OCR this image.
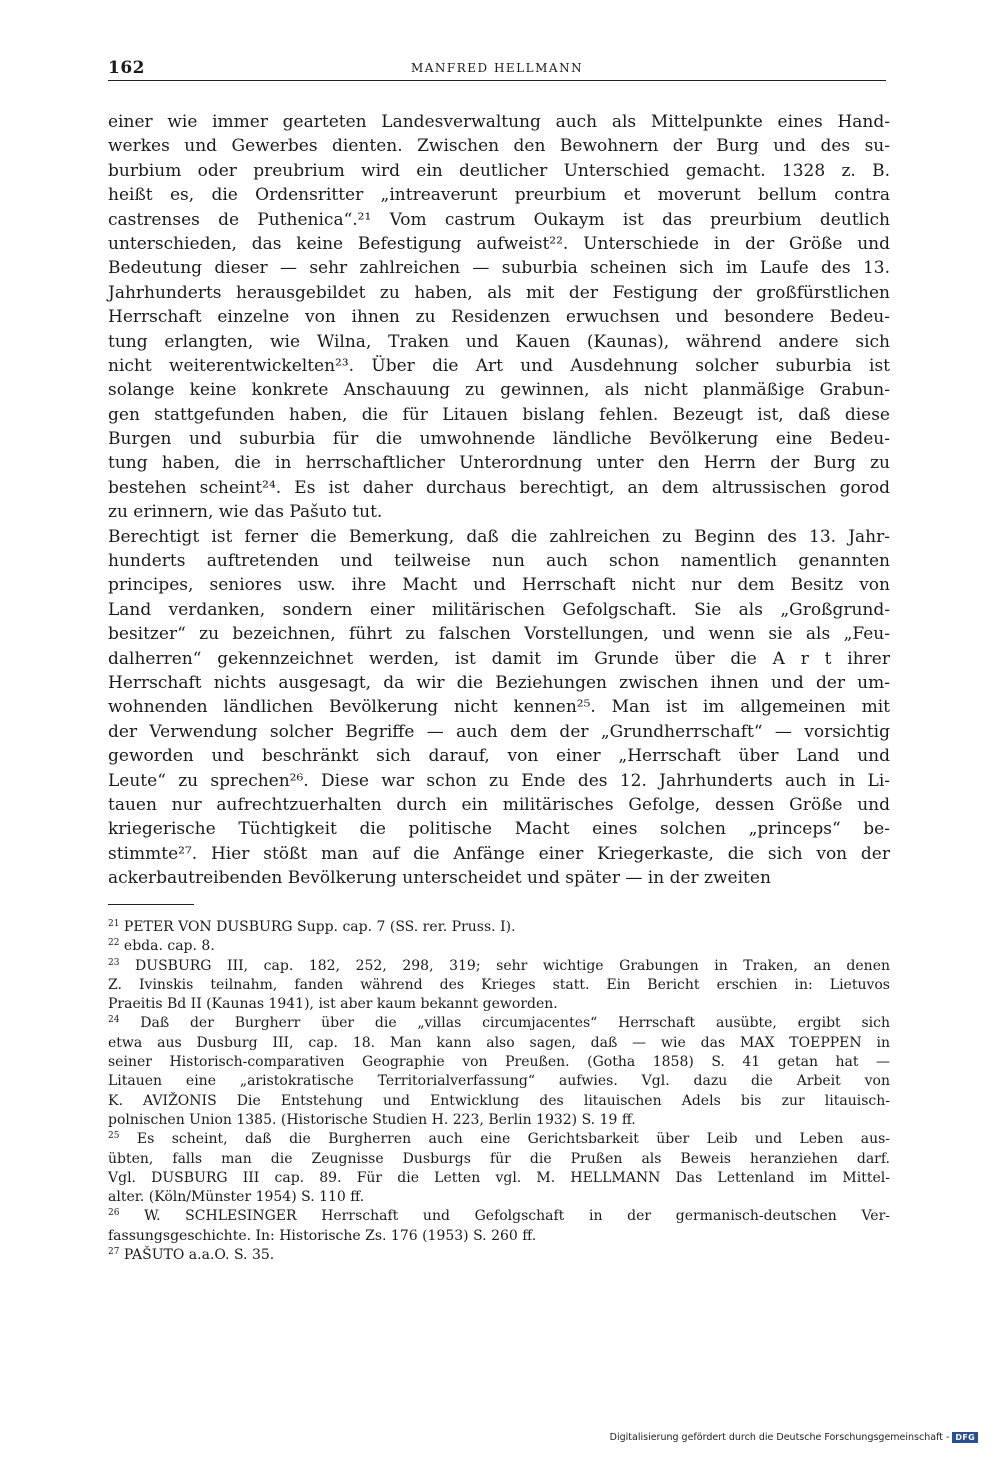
162	MANFRED HELLMANN
einer wie immer gearteten Landesverwaltung auch als Mittelpunkte eines Hand-
werkes und Gewerbes dienten. Zwischen den Bewohnern der Burg und des su-
burbium oder preubrium wird ein deutlicher Unterschied gemacht. 1328 z. B.
heißt es, die Ordensritter „intreaverunt preurbium et moverunt bellum contra
castrenses de Puthenica“.²¹ Vom castrum Oukaym ist das preurbium deutlich
unterschieden, das keine Befestigung aufweist²². Unterschiede in der Größe und
Bedeutung dieser — sehr zahlreichen — suburbia scheinen sich im Laufe des 13.
Jahrhunderts herausgebildet zu haben, als mit der Festigung der großfürstlichen
Herrschaft einzelne von ihnen zu Residenzen erwuchsen und besondere Bedeu-
tung erlangten, wie Wilna, Traken und Kauen (Kaunas), während andere sich
nicht weiterentwickelten²³. Über die Art und Ausdehnung solcher suburbia ist
solange keine konkrete Anschauung zu gewinnen, als nicht planmäßige Grabun-
gen stattgefunden haben, die für Litauen bislang fehlen. Bezeugt ist, daß diese
Burgen und suburbia für die umwohnende ländliche Bevölkerung eine Bedeu-
tung haben, die in herrschaftlicher Unterordnung unter den Herrn der Burg zu
bestehen scheint²⁴. Es ist daher durchaus berechtigt, an dem altrussischen gorod
zu erinnern, wie das Pašuto tut.
Berechtigt ist ferner die Bemerkung, daß die zahlreichen zu Beginn des 13. Jahr-
hunderts auftretenden und teilweise nun auch schon namentlich genannten
principes, seniores usw. ihre Macht und Herrschaft nicht nur dem Besitz von
Land verdanken, sondern einer militärischen Gefolgschaft. Sie als „Großgrund-
besitzer“ zu bezeichnen, führt zu falschen Vorstellungen, und wenn sie als „Feu-
dalherren“ gekennzeichnet werden, ist damit im Grunde über die A r t ihrer
Herrschaft nichts ausgesagt, da wir die Beziehungen zwischen ihnen und der um-
wohnenden ländlichen Bevölkerung nicht kennen²⁵. Man ist im allgemeinen mit
der Verwendung solcher Begriffe — auch dem der „Grundherrschaft“ — vorsichtig
geworden und beschränkt sich darauf, von einer „Herrschaft über Land und
Leute“ zu sprechen²⁶. Diese war schon zu Ende des 12. Jahrhunderts auch in Li-
tauen nur aufrechtzuerhalten durch ein militärisches Gefolge, dessen Größe und
kriegerische Tüchtigkeit die politische Macht eines solchen „princeps“ be-
stimmte²⁷. Hier stößt man auf die Anfänge einer Kriegerkaste, die sich von der
ackerbautreibenden Bevölkerung unterscheidet und später — in der zweiten
$^{21}$ PETER VON DUSBURG Supp. cap. 7 (SS. rer. Pruss. I).
$^{22}$ ebda. cap. 8.
$^{23}$ DUSBURG III, cap. 182, 252, 298, 319; sehr wichtige Grabungen in Traken, an denen
Z. Ivinskis teilnahm, fanden während des Krieges statt. Ein Bericht erschien in: Lietuvos
Praeitis Bd II (Kaunas 1941), ist aber kaum bekannt geworden.
$^{24}$ Daß der Burgherr über die „villas circumjacentes“ Herrschaft ausübte, ergibt sich
etwa aus Dusburg III, cap. 18. Man kann also sagen, daß — wie das MAX TOEPPEN in
seiner Historisch-comparativen Geographie von Preußen. (Gotha 1858) S. 41 getan hat —
Litauen eine „aristokratische Territorialverfassung“ aufwies. Vgl. dazu die Arbeit von
K. AVIŽONIS Die Entstehung und Entwicklung des litauischen Adels bis zur litauisch-
polnischen Union 1385. (Historische Studien H. 223, Berlin 1932) S. 19 ff.
$^{25}$ Es scheint, daß die Burgherren auch eine Gerichtsbarkeit über Leib und Leben aus-
übten, falls man die Zeugnisse Dusburgs für die Prußen als Beweis heranziehen darf.
Vgl. DUSBURG III cap. 89. Für die Letten vgl. M. HELLMANN Das Lettenland im Mittel-
alter. (Köln/Münster 1954) S. 110 ff.
$^{26}$ W. SCHLESINGER Herrschaft und Gefolgschaft in der germanisch-deutschen Ver-
fassungsgeschichte. In: Historische Zs. 176 (1953) S. 260 ff.
$^{27}$ PAŠUTO a.a.O. S. 35.
Digitalisierung gefördert durch die Deutsche Forschungsgemeinschaft - DFG
